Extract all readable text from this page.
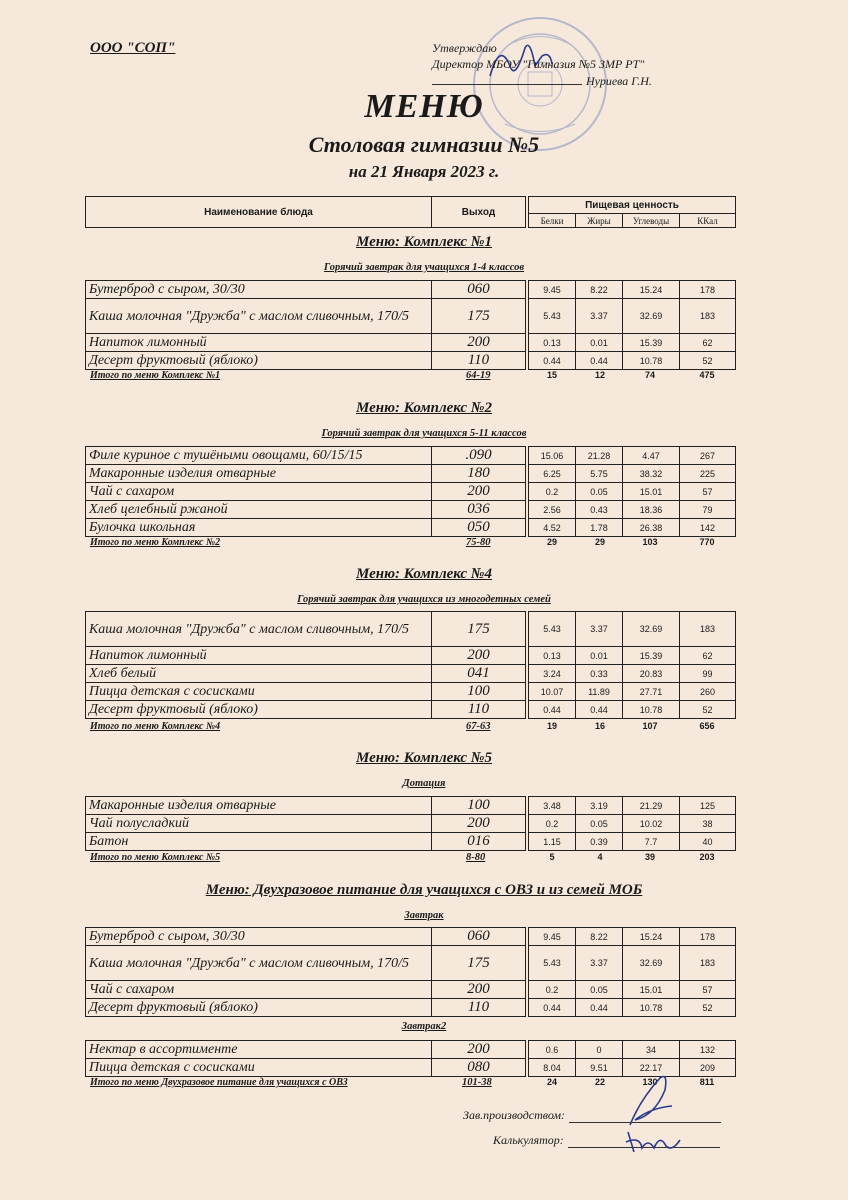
ООО "СОП"	Утверждаю
Директор МБОУ "Гимназия №5 ЗМР РТ"
Нуриева Г.Н.
МЕНЮ
Столовая гимназии №5
на 21 Января 2023 г.
Наименование блюда	Выход		Пищевая ценность			
			Белки	Жиры	Углеводы	ККал
Меню: Комплекс №1
Горячий завтрак для учащихся 1-4 классов
Бутерброд с сыром, 30/30	060		9.45	8.22	15.24	178
Каша молочная "Дружба" с маслом сливочным, 170/5	175		5.43	3.37	32.69	183
Напиток лимонный	200		0.13	0.01	15.39	62
Десерт фруктовый (яблоко)	110		0.44	0.44	10.78	52
Итого по меню Комплекс №1	64-19	15	12	74	475
Меню: Комплекс №2
Горячий завтрак для учащихся 5-11 классов
Филе куриное с тушёными овощами, 60/15/15	.090		15.06	21.28	4.47	267
Макаронные изделия отварные	180		6.25	5.75	38.32	225
Чай с сахаром	200		0.2	0.05	15.01	57
Хлеб целебный ржаной	036		2.56	0.43	18.36	79
Булочка школьная	050		4.52	1.78	26.38	142
Итого по меню Комплекс №2	75-80	29	29	103	770
Меню: Комплекс №4
Горячий завтрак для учащихся из многодетных семей
Каша молочная "Дружба" с маслом сливочным, 170/5	175		5.43	3.37	32.69	183
Напиток лимонный	200		0.13	0.01	15.39	62
Хлеб белый	041		3.24	0.33	20.83	99
Пицца детская с сосисками	100		10.07	11.89	27.71	260
Десерт фруктовый (яблоко)	110		0.44	0.44	10.78	52
Итого по меню Комплекс №4	67-63	19	16	107	656
Меню: Комплекс №5
Дотация
Макаронные изделия отварные	100		3.48	3.19	21.29	125
Чай полусладкий	200		0.2	0.05	10.02	38
Батон	016		1.15	0.39	7.7	40
Итого по меню Комплекс №5	8-80	5	4	39	203
Меню: Двухразовое питание для учащихся с ОВЗ и из семей МОБ
Завтрак
Бутерброд с сыром, 30/30	060		9.45	8.22	15.24	178
Каша молочная "Дружба" с маслом сливочным, 170/5	175		5.43	3.37	32.69	183
Чай с сахаром	200		0.2	0.05	15.01	57
Десерт фруктовый (яблоко)	110		0.44	0.44	10.78	52
Завтрак2
Нектар в ассортименте	200		0.6	0	34	132
Пицца детская с сосисками	080		8.04	9.51	22.17	209
Итого по меню Двухразовое питание для учащихся с ОВЗ	101-38	24	22	130	811
Зав.производством:
Калькулятор:
